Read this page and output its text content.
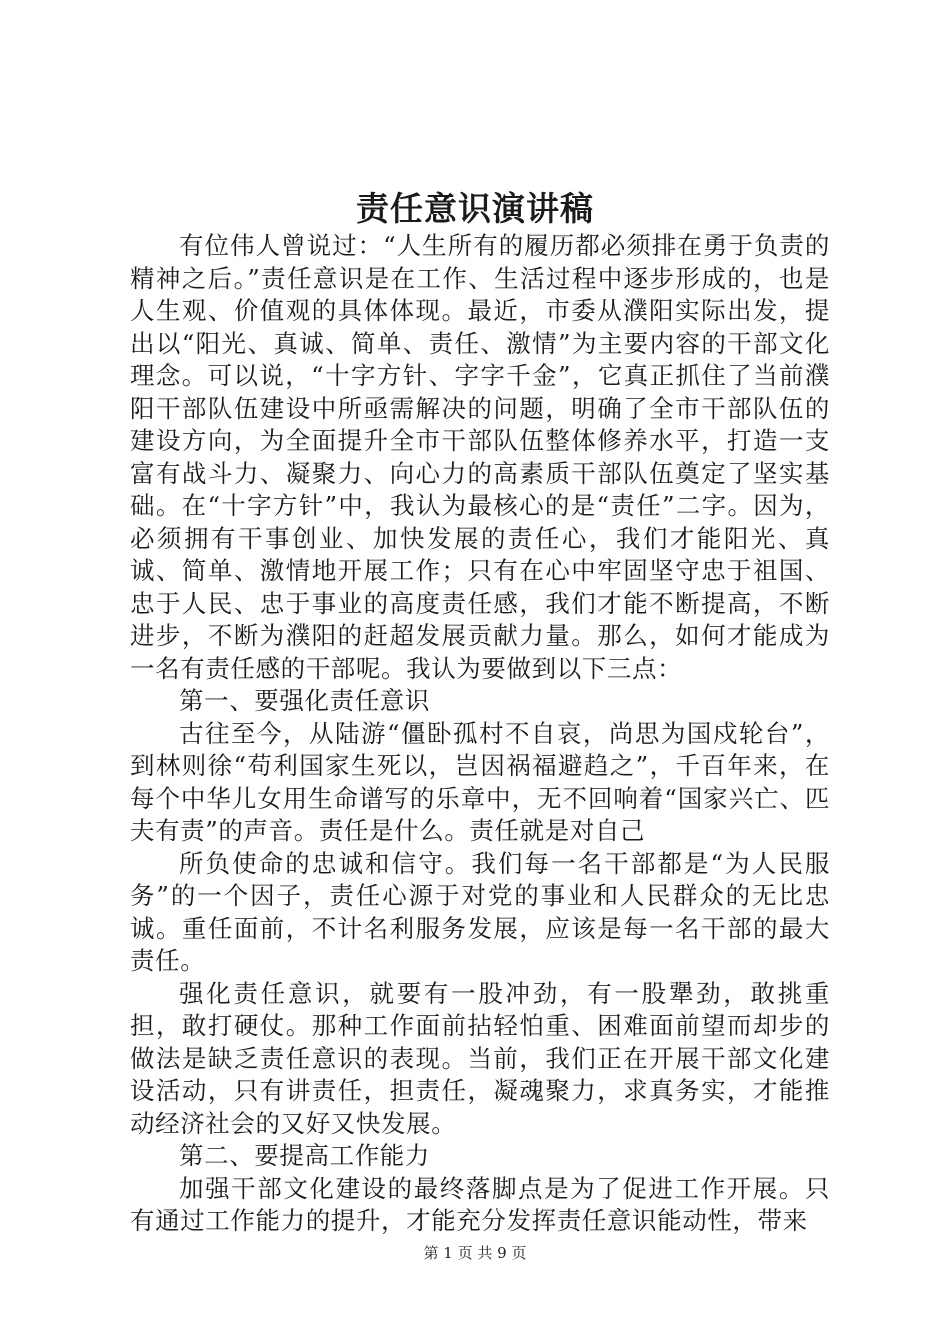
责任意识演讲稿

有位伟人曾说过：“人生所有的履历都必须排在勇于负责的精神之后。”责任意识是在工作、生活过程中逐步形成的，也是人生观、价值观的具体体现。最近，市委从濮阳实际出发，提出以“阳光、真诚、简单、责任、激情”为主要内容的干部文化理念。可以说，“十字方针、字字千金”，它真正抓住了当前濮阳干部队伍建设中所亟需解决的问题，明确了全市干部队伍的建设方向，为全面提升全市干部队伍整体修养水平，打造一支富有战斗力、凝聚力、向心力的高素质干部队伍奠定了坚实基础。在“十字方针”中，我认为最核心的是“责任”二字。因为，必须拥有干事创业、加快发展的责任心，我们才能阳光、真诚、简单、激情地开展工作；只有在心中牢固坚守忠于祖国、忠于人民、忠于事业的高度责任感，我们才能不断提高，不断进步，不断为濮阳的赶超发展贡献力量。那么，如何才能成为一名有责任感的干部呢。我认为要做到以下三点：

第一、要强化责任意识

古往至今，从陆游“僵卧孤村不自哀，尚思为国戍轮台”，到林则徐“苟利国家生死以，岂因祸福避趋之”，千百年来，在每个中华儿女用生命谱写的乐章中，无不回响着“国家兴亡、匹夫有责”的声音。责任是什么。责任就是对自己

所负使命的忠诚和信守。我们每一名干部都是“为人民服务”的一个因子，责任心源于对党的事业和人民群众的无比忠诚。重任面前，不计名利服务发展，应该是每一名干部的最大责任。

强化责任意识，就要有一股冲劲，有一股犟劲，敢挑重担，敢打硬仗。那种工作面前拈轻怕重、困难面前望而却步的做法是缺乏责任意识的表现。当前，我们正在开展干部文化建设活动，只有讲责任，担责任，凝魂聚力，求真务实，才能推动经济社会的又好又快发展。

第二、要提高工作能力

加强干部文化建设的最终落脚点是为了促进工作开展。只有通过工作能力的提升，才能充分发挥责任意识能动性，带来

第 1 页 共 9 页
